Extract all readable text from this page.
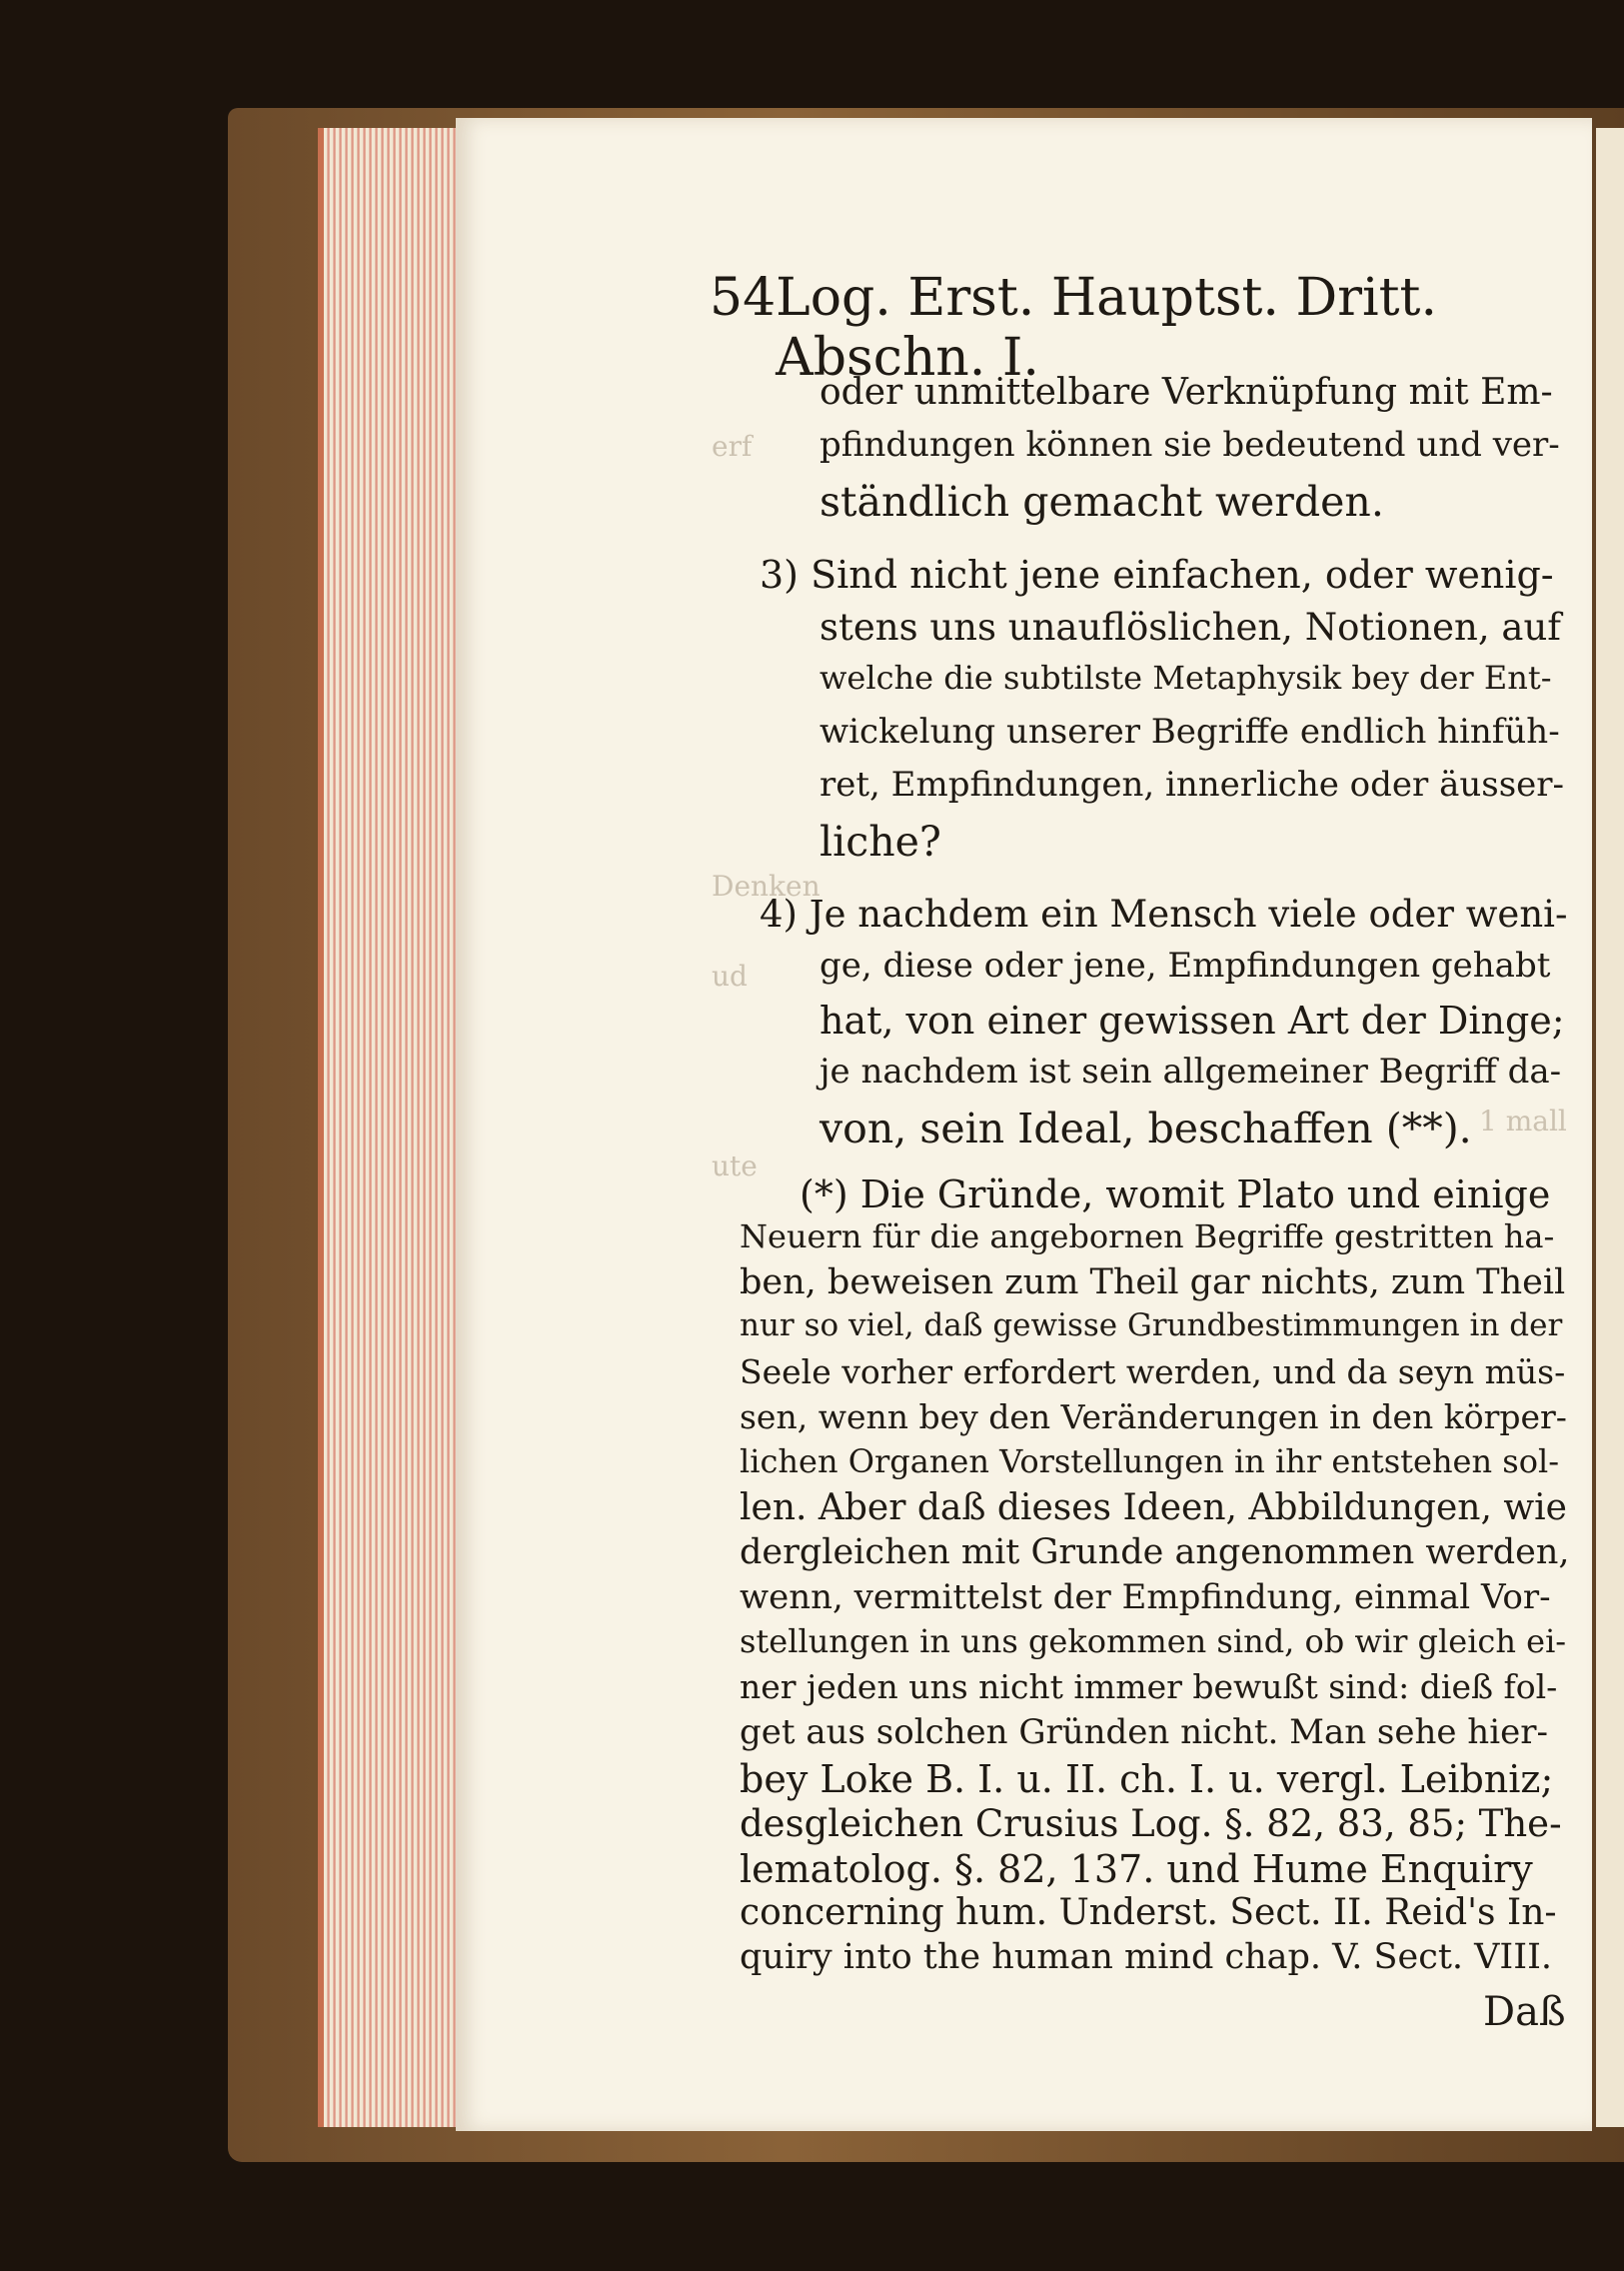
erf
Denken
ud
ute
1 mall
54 Log. Erst. Hauptst. Dritt. Abschn. I.
oder unmittelbare Verknüpfung mit Em-
pfindungen können sie bedeutend und ver-
ständlich gemacht werden.
3) Sind nicht jene einfachen, oder wenig-
stens uns unauflöslichen, Notionen, auf
welche die subtilste Metaphysik bey der Ent-
wickelung unserer Begriffe endlich hinfüh-
ret, Empfindungen, innerliche oder äusser-
liche?
4) Je nachdem ein Mensch viele oder weni-
ge, diese oder jene, Empfindungen gehabt
hat, von einer gewissen Art der Dinge;
je nachdem ist sein allgemeiner Begriff da-
von, sein Ideal, beschaffen (**).
(*) Die Gründe, womit Plato und einige
Neuern für die angebornen Begriffe gestritten ha-
ben, beweisen zum Theil gar nichts, zum Theil
nur so viel, daß gewisse Grundbestimmungen in der
Seele vorher erfordert werden, und da seyn müs-
sen, wenn bey den Veränderungen in den körper-
lichen Organen Vorstellungen in ihr entstehen sol-
len. Aber daß dieses Ideen, Abbildungen, wie
dergleichen mit Grunde angenommen werden,
wenn, vermittelst der Empfindung, einmal Vor-
stellungen in uns gekommen sind, ob wir gleich ei-
ner jeden uns nicht immer bewußt sind: dieß fol-
get aus solchen Gründen nicht. Man sehe hier-
bey Loke B. I. u. II. ch. I. u. vergl. Leibniz;
desgleichen Crusius Log. §. 82, 83, 85; The-
lematolog. §. 82, 137. und Hume Enquiry
concerning hum. Underst. Sect. II. Reid's In-
quiry into the human mind chap. V. Sect. VIII.
Daß
